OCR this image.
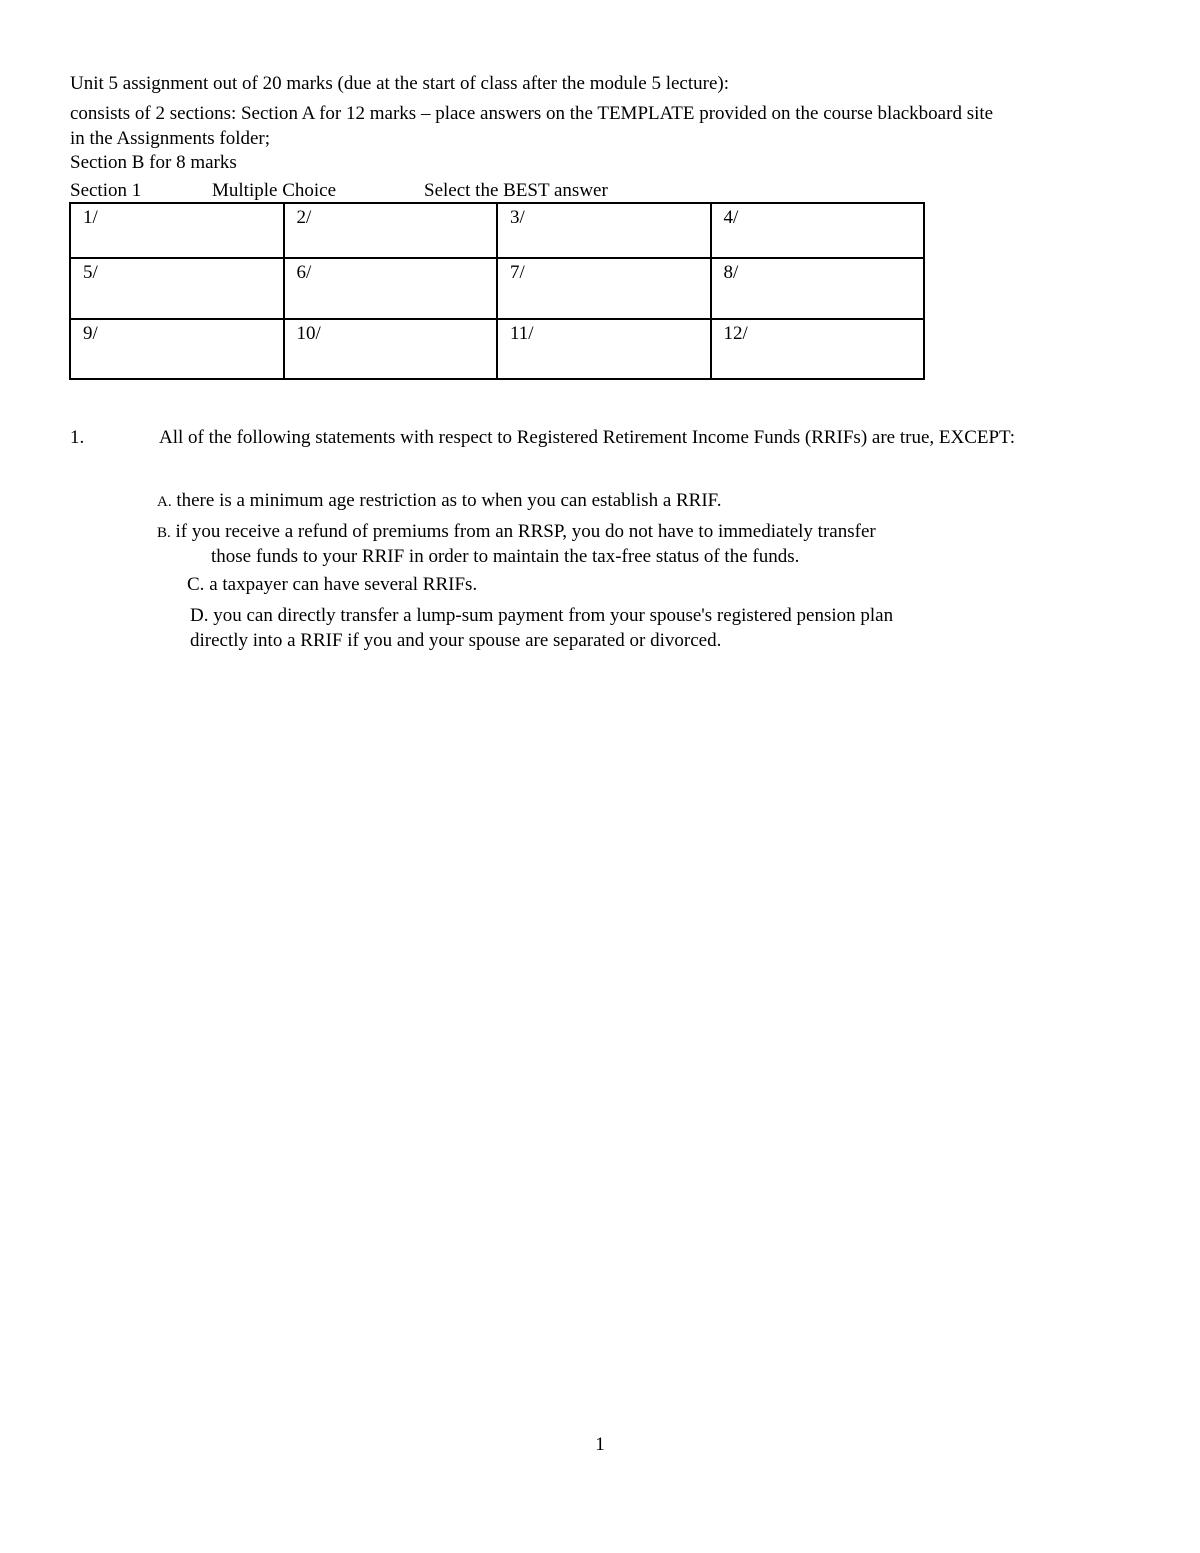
Unit 5 assignment out of 20 marks (due at the start of class after the module 5 lecture):
consists of 2 sections: Section A for 12 marks – place answers on the TEMPLATE provided on the course blackboard site
in the Assignments folder;
Section B for 8 marks
Section 1	Multiple Choice	Select the BEST answer
1/	2/	3/	4/
5/	6/	7/	8/
9/	10/	11/	12/
1.	All of the following statements with respect to Registered Retirement Income Funds (RRIFs) are true, EXCEPT:
A. there is a minimum age restriction as to when you can establish a RRIF.
B. if you receive a refund of premiums from an RRSP, you do not have to immediately transfer
those funds to your RRIF in order to maintain the tax-free status of the funds.
C. a taxpayer can have several RRIFs.
D. you can directly transfer a lump-sum payment from your spouse's registered pension plan
directly into a RRIF if you and your spouse are separated or divorced.
1
